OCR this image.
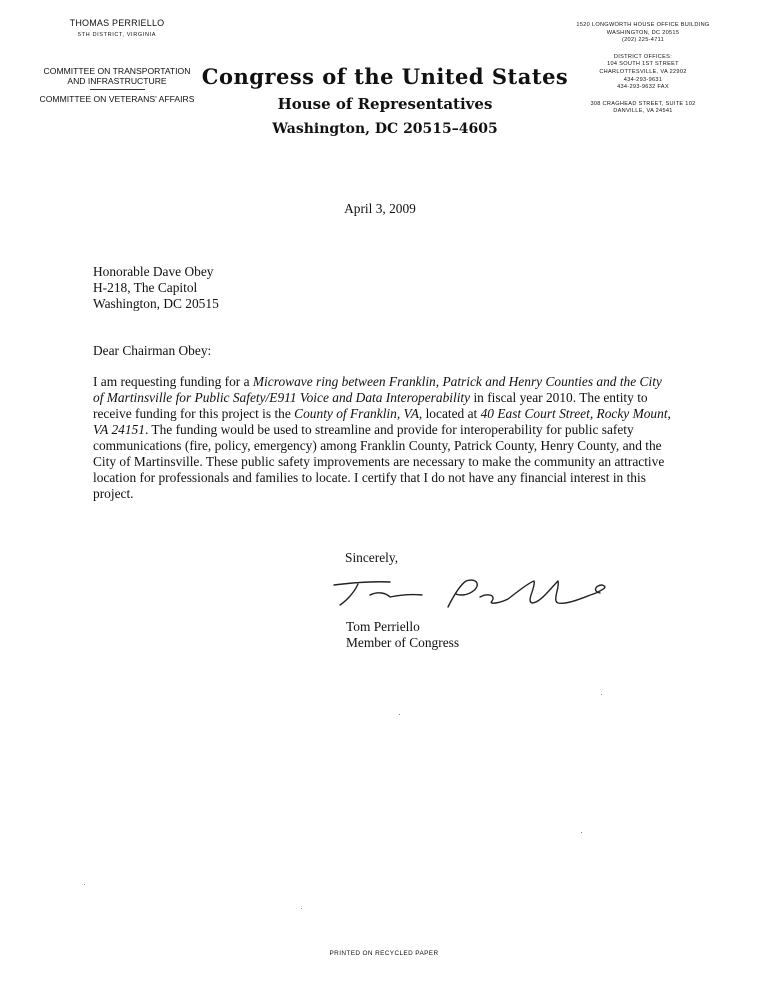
THOMAS PERRIELLO
5TH DISTRICT, VIRGINIA
COMMITTEE ON TRANSPORTATION
AND INFRASTRUCTURE
COMMITTEE ON VETERANS' AFFAIRS
Congress of the United States
House of Representatives
Washington, DC 20515–4605
1520 LONGWORTH HOUSE OFFICE BUILDING
WASHINGTON, DC 20515
(202) 225-4711
DISTRICT OFFICES:
104 SOUTH 1ST STREET
CHARLOTTESVILLE, VA 22902
434-293-9631
434-293-9632 FAX
308 CRAGHEAD STREET, SUITE 102
DANVILLE, VA 24541
April 3, 2009
Honorable Dave Obey
H-218, The Capitol
Washington, DC 20515
Dear Chairman Obey:
I am requesting funding for a Microwave ring between Franklin, Patrick and Henry Counties and the City of Martinsville for Public Safety/E911 Voice and Data Interoperability in fiscal year 2010. The entity to receive funding for this project is the County of Franklin, VA, located at 40 East Court Street, Rocky Mount, VA 24151. The funding would be used to streamline and provide for interoperability for public safety communications (fire, policy, emergency) among Franklin County, Patrick County, Henry County, and the City of Martinsville. These public safety improvements are necessary to make the community an attractive location for professionals and families to locate. I certify that I do not have any financial interest in this project.
Sincerely,
Tom Perriello
Member of Congress
PRINTED ON RECYCLED PAPER
